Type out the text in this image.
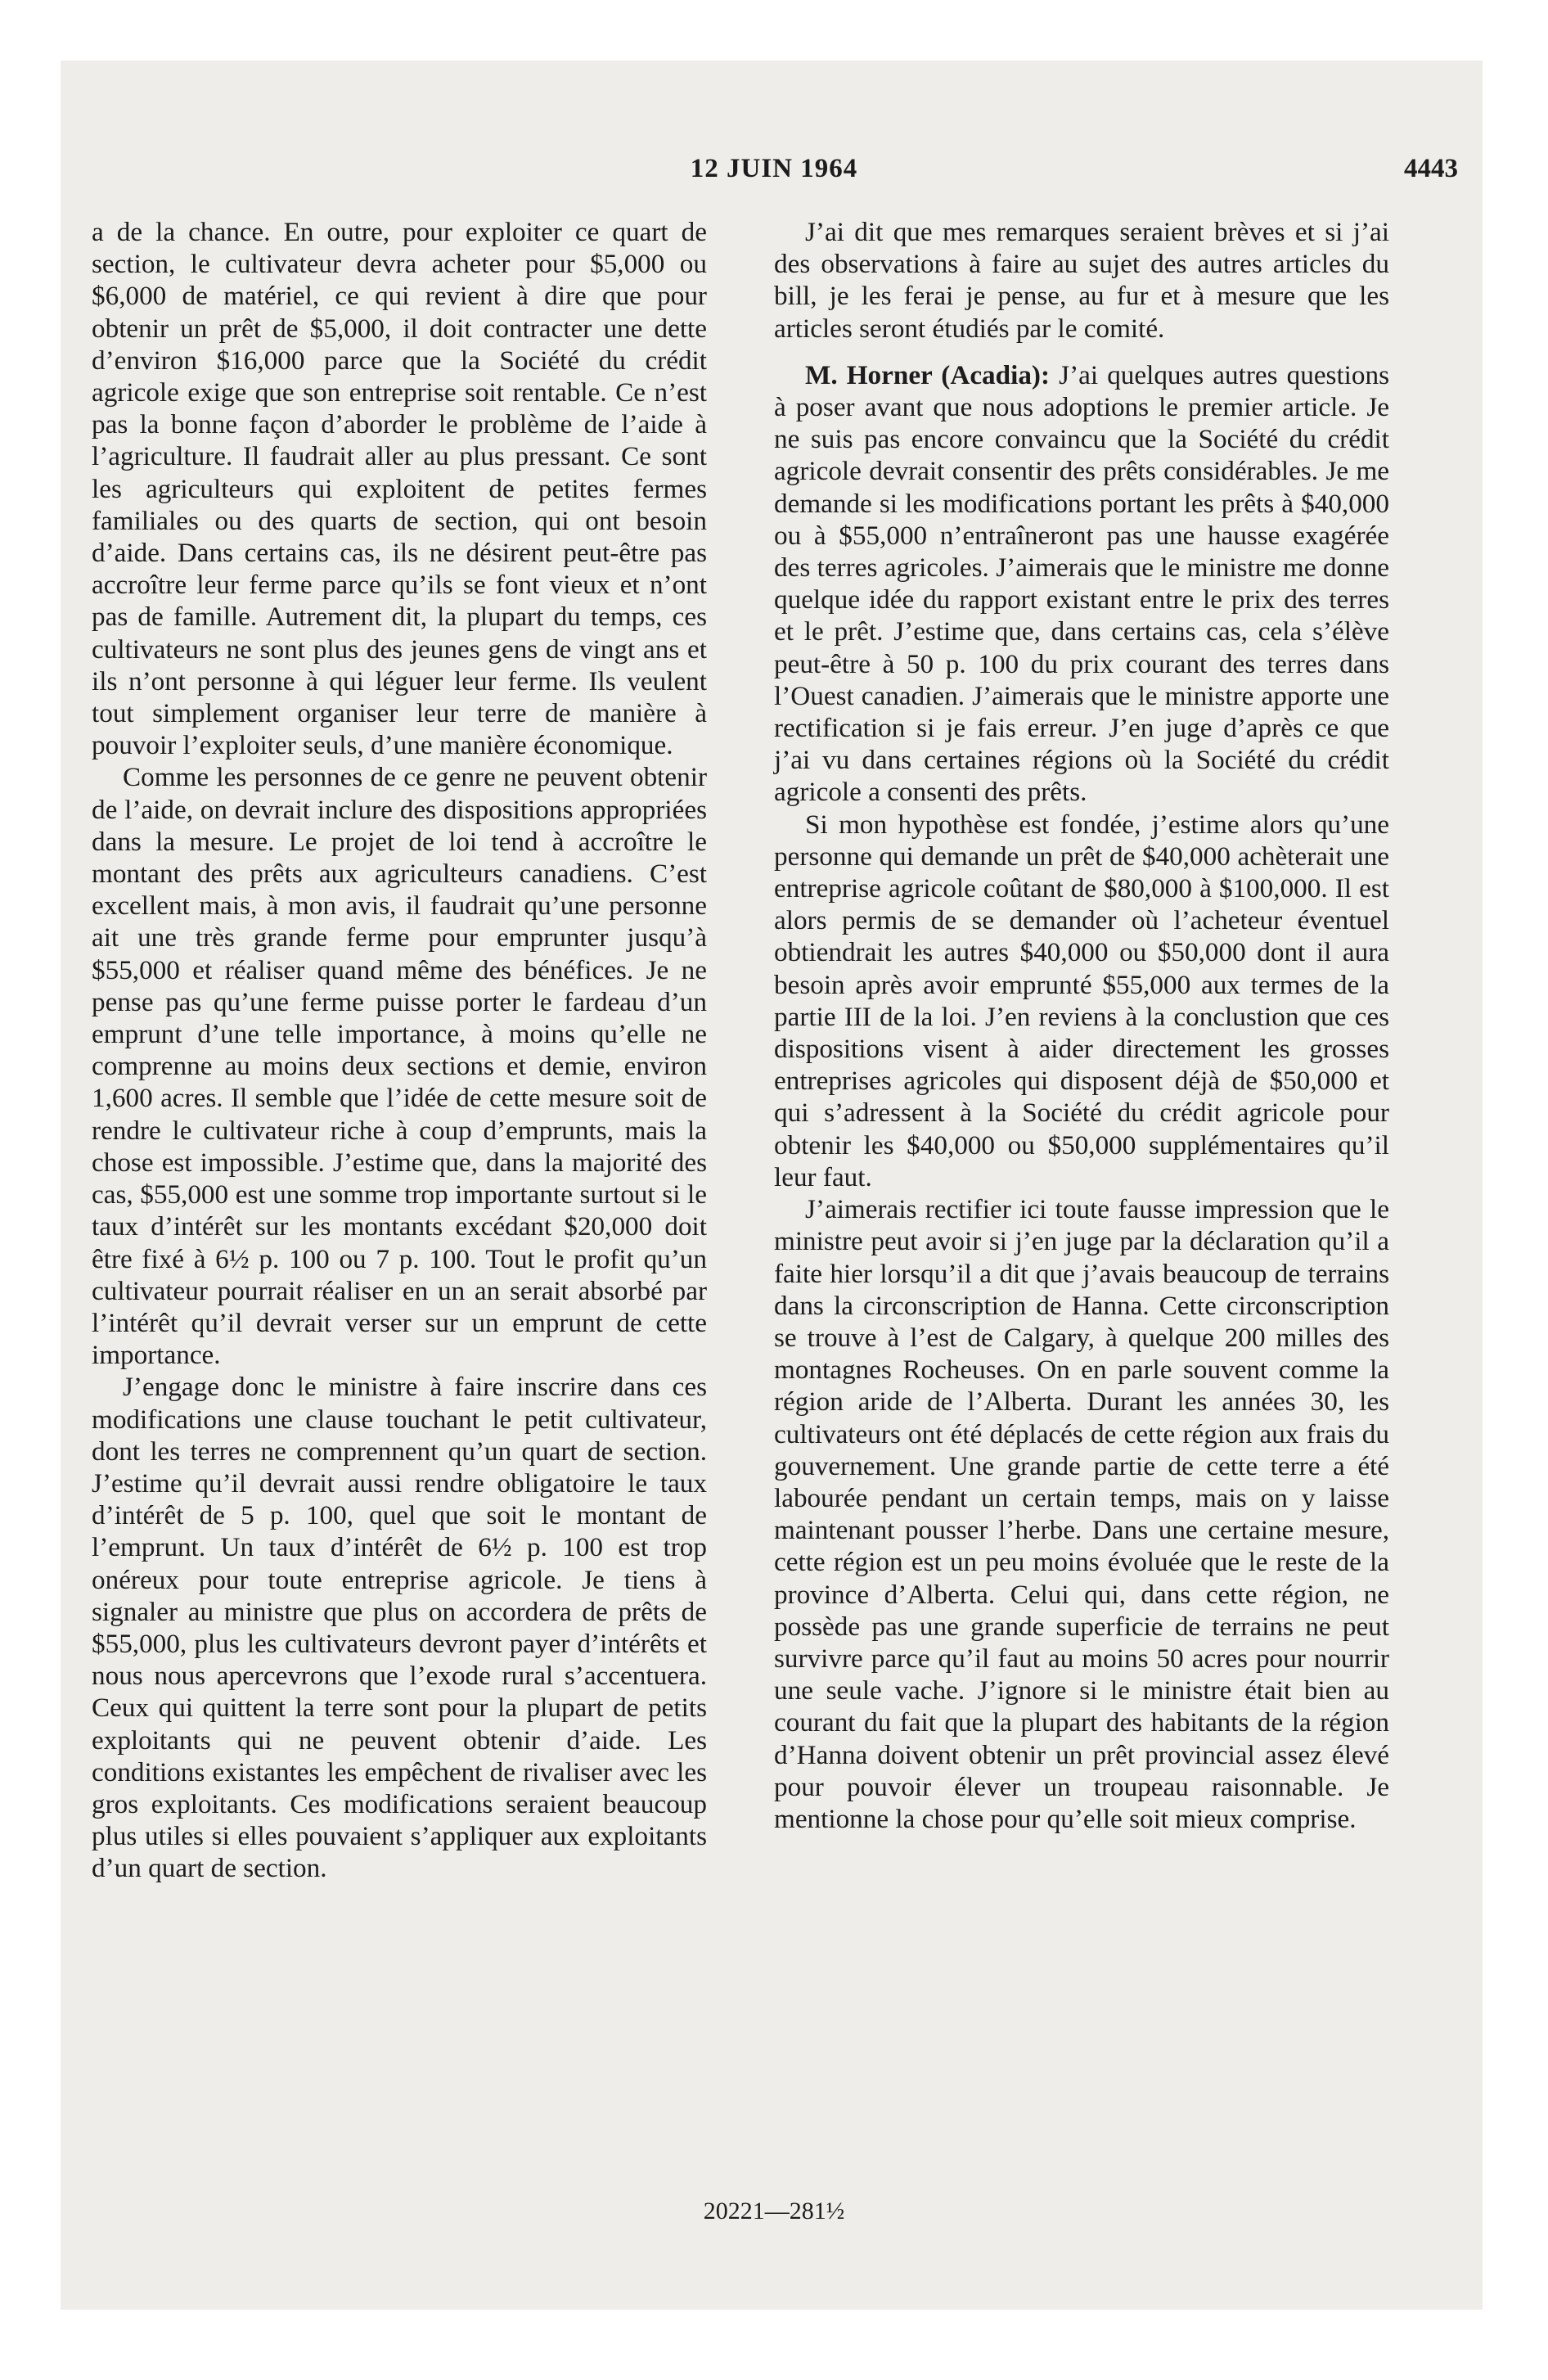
12 JUIN 1964	4443

a de la chance. En outre, pour exploiter ce quart de section, le cultivateur devra acheter pour $5,000 ou $6,000 de matériel, ce qui revient à dire que pour obtenir un prêt de $5,000, il doit contracter une dette d’environ $16,000 parce que la Société du crédit agricole exige que son entreprise soit rentable. Ce n’est pas la bonne façon d’aborder le problème de l’aide à l’agriculture. Il faudrait aller au plus pressant. Ce sont les agriculteurs qui exploitent de petites fermes familiales ou des quarts de section, qui ont besoin d’aide. Dans certains cas, ils ne désirent peut-être pas accroître leur ferme parce qu’ils se font vieux et n’ont pas de famille. Autrement dit, la plupart du temps, ces cultivateurs ne sont plus des jeunes gens de vingt ans et ils n’ont personne à qui léguer leur ferme. Ils veulent tout simplement organiser leur terre de manière à pouvoir l’exploiter seuls, d’une manière économique.

Comme les personnes de ce genre ne peuvent obtenir de l’aide, on devrait inclure des dispositions appropriées dans la mesure. Le projet de loi tend à accroître le montant des prêts aux agriculteurs canadiens. C’est excellent mais, à mon avis, il faudrait qu’une personne ait une très grande ferme pour emprunter jusqu’à $55,000 et réaliser quand même des bénéfices. Je ne pense pas qu’une ferme puisse porter le fardeau d’un emprunt d’une telle importance, à moins qu’elle ne comprenne au moins deux sections et demie, environ 1,600 acres. Il semble que l’idée de cette mesure soit de rendre le cultivateur riche à coup d’emprunts, mais la chose est impossible. J’estime que, dans la majorité des cas, $55,000 est une somme trop importante surtout si le taux d’intérêt sur les montants excédant $20,000 doit être fixé à 6½ p. 100 ou 7 p. 100. Tout le profit qu’un cultivateur pourrait réaliser en un an serait absorbé par l’intérêt qu’il devrait verser sur un emprunt de cette importance.

J’engage donc le ministre à faire inscrire dans ces modifications une clause touchant le petit cultivateur, dont les terres ne comprennent qu’un quart de section. J’estime qu’il devrait aussi rendre obligatoire le taux d’intérêt de 5 p. 100, quel que soit le montant de l’emprunt. Un taux d’intérêt de 6½ p. 100 est trop onéreux pour toute entreprise agricole. Je tiens à signaler au ministre que plus on accordera de prêts de $55,000, plus les cultivateurs devront payer d’intérêts et nous nous apercevrons que l’exode rural s’accentuera. Ceux qui quittent la terre sont pour la plupart de petits exploitants qui ne peuvent obtenir d’aide. Les conditions existantes les empêchent de rivaliser avec les gros exploitants. Ces modifications seraient beaucoup plus utiles si elles pouvaient s’appliquer aux exploitants d’un quart de section.

J’ai dit que mes remarques seraient brèves et si j’ai des observations à faire au sujet des autres articles du bill, je les ferai je pense, au fur et à mesure que les articles seront étudiés par le comité.

M. Horner (Acadia): J’ai quelques autres questions à poser avant que nous adoptions le premier article. Je ne suis pas encore convaincu que la Société du crédit agricole devrait consentir des prêts considérables. Je me demande si les modifications portant les prêts à $40,000 ou à $55,000 n’entraîneront pas une hausse exagérée des terres agricoles. J’aimerais que le ministre me donne quelque idée du rapport existant entre le prix des terres et le prêt. J’estime que, dans certains cas, cela s’élève peut-être à 50 p. 100 du prix courant des terres dans l’Ouest canadien. J’aimerais que le ministre apporte une rectification si je fais erreur. J’en juge d’après ce que j’ai vu dans certaines régions où la Société du crédit agricole a consenti des prêts.

Si mon hypothèse est fondée, j’estime alors qu’une personne qui demande un prêt de $40,000 achèterait une entreprise agricole coûtant de $80,000 à $100,000. Il est alors permis de se demander où l’acheteur éventuel obtiendrait les autres $40,000 ou $50,000 dont il aura besoin après avoir emprunté $55,000 aux termes de la partie III de la loi. J’en reviens à la conclustion que ces dispositions visent à aider directement les grosses entreprises agricoles qui disposent déjà de $50,000 et qui s’adressent à la Société du crédit agricole pour obtenir les $40,000 ou $50,000 supplémentaires qu’il leur faut.

J’aimerais rectifier ici toute fausse impression que le ministre peut avoir si j’en juge par la déclaration qu’il a faite hier lorsqu’il a dit que j’avais beaucoup de terrains dans la circonscription de Hanna. Cette circonscription se trouve à l’est de Calgary, à quelque 200 milles des montagnes Rocheuses. On en parle souvent comme la région aride de l’Alberta. Durant les années 30, les cultivateurs ont été déplacés de cette région aux frais du gouvernement. Une grande partie de cette terre a été labourée pendant un certain temps, mais on y laisse maintenant pousser l’herbe. Dans une certaine mesure, cette région est un peu moins évoluée que le reste de la province d’Alberta. Celui qui, dans cette région, ne possède pas une grande superficie de terrains ne peut survivre parce qu’il faut au moins 50 acres pour nourrir une seule vache. J’ignore si le ministre était bien au courant du fait que la plupart des habitants de la région d’Hanna doivent obtenir un prêt provincial assez élevé pour pouvoir élever un troupeau raisonnable. Je mentionne la chose pour qu’elle soit mieux comprise.

20221—281½
